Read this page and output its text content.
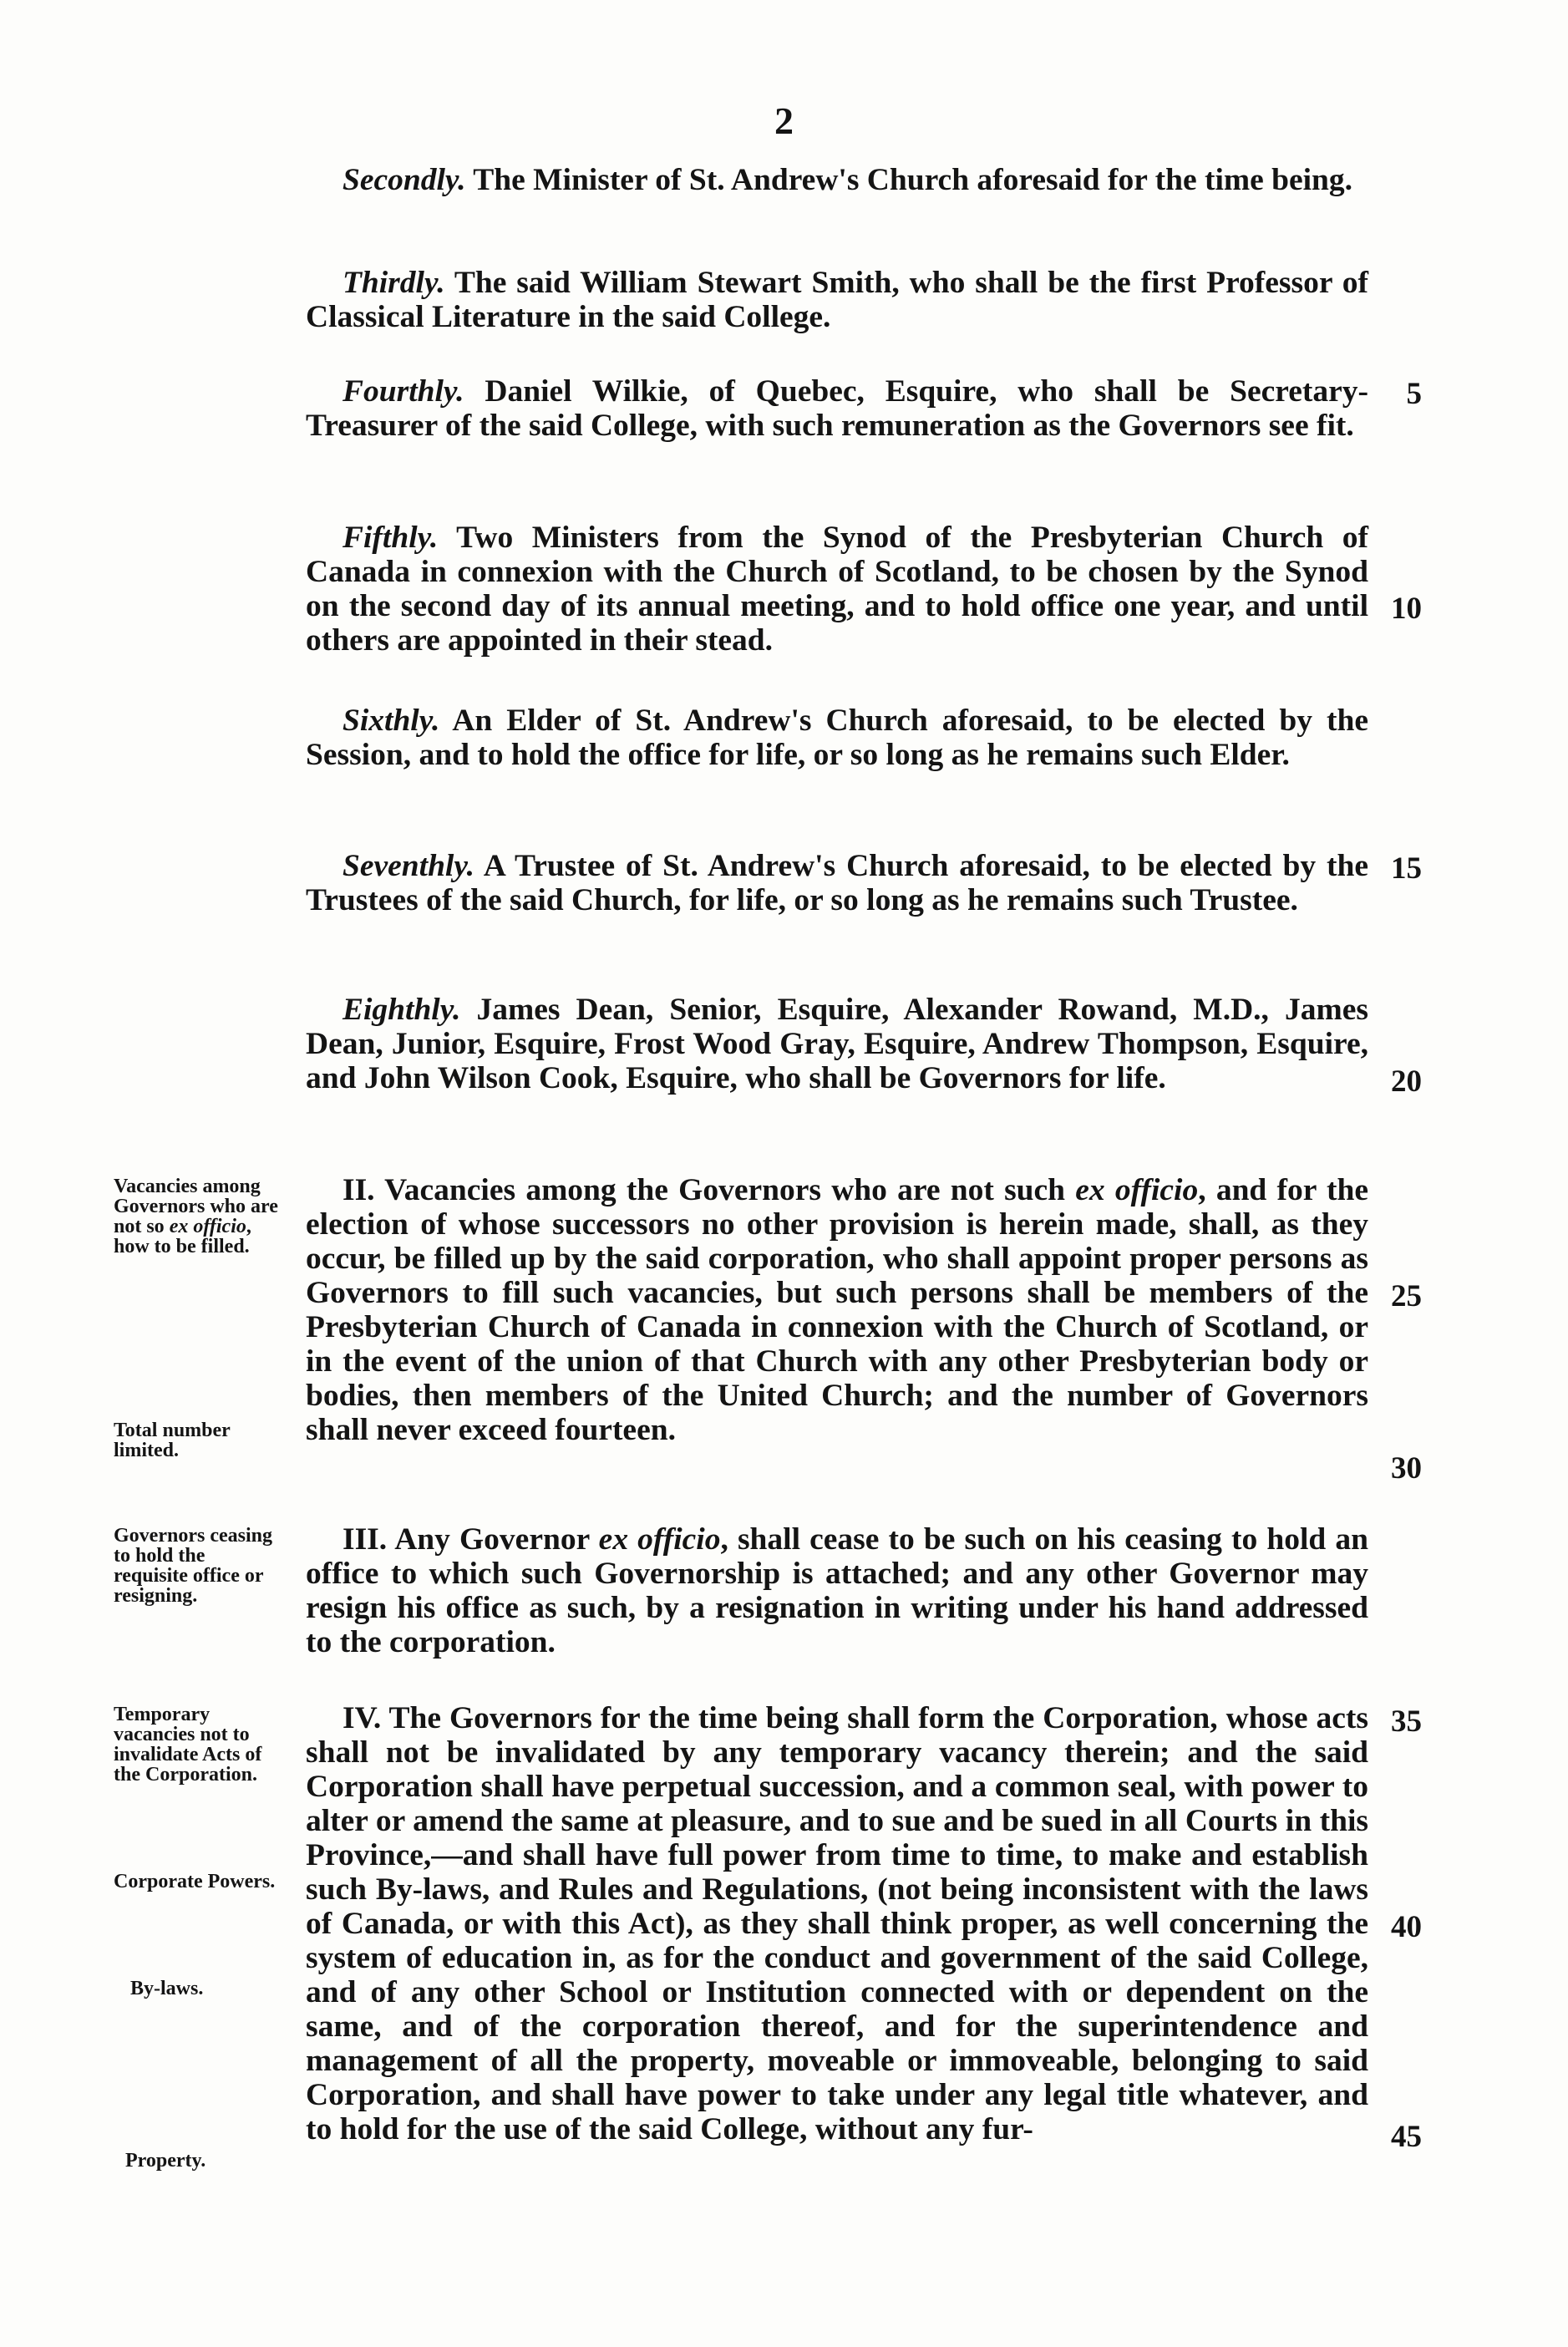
2

Secondly. The Minister of St. Andrew's Church aforesaid for the time being.

Thirdly. The said William Stewart Smith, who shall be the first Professor of Classical Literature in the said College.

Fourthly. Daniel Wilkie, of Quebec, Esquire, who shall be Secretary-Treasurer of the said College, with such remuneration as the Governors see fit.

Fifthly. Two Ministers from the Synod of the Presbyterian Church of Canada in connexion with the Church of Scotland, to be chosen by the Synod on the second day of its annual meeting, and to hold office one year, and until others are appointed in their stead.

Sixthly. An Elder of St. Andrew's Church aforesaid, to be elected by the Session, and to hold the office for life, or so long as he remains such Elder.

Seventhly. A Trustee of St. Andrew's Church aforesaid, to be elected by the Trustees of the said Church, for life, or so long as he remains such Trustee.

Eighthly. James Dean, Senior, Esquire, Alexander Rowand, M.D., James Dean, Junior, Esquire, Frost Wood Gray, Esquire, Andrew Thompson, Esquire, and John Wilson Cook, Esquire, who shall be Governors for life.

II. Vacancies among the Governors who are not such ex officio, and for the election of whose successors no other provision is herein made, shall, as they occur, be filled up by the said corporation, who shall appoint proper persons as Governors to fill such vacancies, but such persons shall be members of the Presbyterian Church of Canada in connexion with the Church of Scotland, or in the event of the union of that Church with any other Presbyterian body or bodies, then members of the United Church; and the number of Governors shall never exceed fourteen.

III. Any Governor ex officio, shall cease to be such on his ceasing to hold an office to which such Governorship is attached; and any other Governor may resign his office as such, by a resignation in writing under his hand addressed to the corporation.

IV. The Governors for the time being shall form the Corporation, whose acts shall not be invalidated by any temporary vacancy therein; and the said Corporation shall have perpetual succession, and a common seal, with power to alter or amend the same at pleasure, and to sue and be sued in all Courts in this Province,—and shall have full power from time to time, to make and establish such By-laws, and Rules and Regulations, (not being inconsistent with the laws of Canada, or with this Act), as they shall think proper, as well concerning the system of education in, as for the conduct and government of the said College, and of any other School or Institution connected with or dependent on the same, and of the corporation thereof, and for the superintendence and management of all the property, moveable or immoveable, belonging to said Corporation, and shall have power to take under any legal title whatever, and to hold for the use of the said College, without any fur-

Vacancies among Governors who are not so ex officio, how to be filled.
Total number limited.
Governors ceasing to hold the requisite office or resigning.
Temporary vacancies not to invalidate Acts of the Corporation.
Corporate Powers.
By-laws.
Property.
5
10
15
20
25
30
35
40
45
